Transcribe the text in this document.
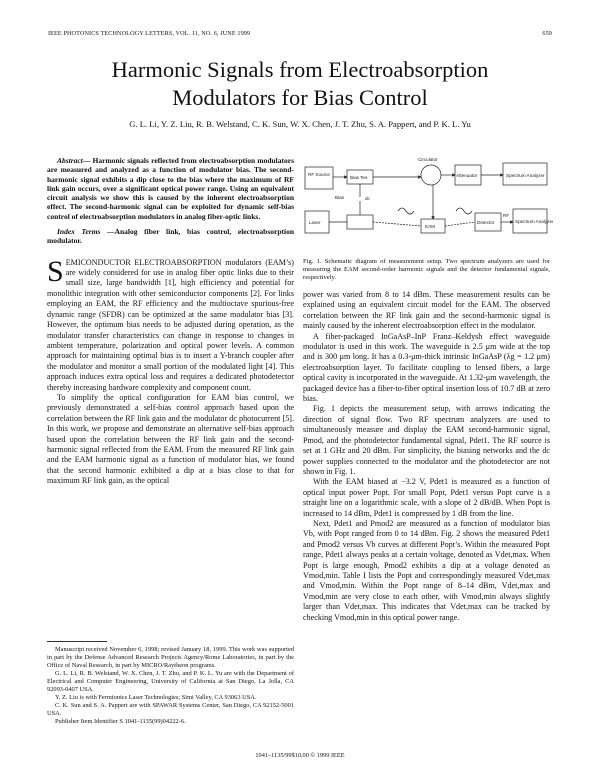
IEEE PHOTONICS TECHNOLOGY LETTERS, VOL. 11, NO. 6, JUNE 1999	659
Harmonic Signals from Electroabsorption
Modulators for Bias Control
G. L. Li, Y. Z. Liu, R. B. Welstand, C. K. Sun, W. X. Chen, J. T. Zhu, S. A. Pappert, and P. K. L. Yu

Abstract— Harmonic signals reflected from electroabsorption modulators are measured and analyzed as a function of modulator bias. The second-harmonic signal exhibits a dip close to the bias where the maximum of RF link gain occurs, over a significant optical power range. Using an equivalent circuit analysis we show this is caused by the inherent electroabsorption effect. The second-harmonic signal can be exploited for dynamic self-bias control of electroabsorption modulators in analog fiber-optic links.

Index Terms —Analog fiber link, bias control, electroabsorption modulator.

SEMICONDUCTOR ELECTROABSORPTION modulators (EAM’s) are widely considered for use in analog fiber optic links due to their small size, large bandwidth [1], high efficiency and potential for monolithic integration with other semiconductor components [2]. For links employing an EAM, the RF efficiency and the multioctave spurious-free dynamic range (SFDR) can be optimized at the same modulator bias [3]. However, the optimum bias needs to be adjusted during operation, as the modulator transfer characteristics can change in response to changes in ambient temperature, polarization and optical power levels. A common approach for maintaining optimal bias is to insert a Y-branch coupler after the modulator and monitor a small portion of the modulated light [4]. This approach induces extra optical loss and requires a dedicated photodetector thereby increasing hardware complexity and component count.

To simplify the optical configuration for EAM bias control, we previously demonstrated a self-bias control approach based upon the correlation between the RF link gain and the modulator dc photocurrent [5]. In this work, we propose and demonstrate an alternative self-bias approach based upon the correlation between the RF link gain and the second-harmonic signal reflected from the EAM. From the measured RF link gain and the EAM harmonic signal as a function of modulator bias, we found that the second harmonic exhibited a dip at a bias close to that for maximum RF link gain, as the optical

Manuscript received November 6, 1998; revised January 18, 1999. This work was supported in part by the Defense Advanced Research Projects Agency/Rome Laboratories, in part by the Office of Naval Research, in part by MICRO/Raytheon programs.

G. L. Li, R. B. Welstand, W. X. Chen, J. T. Zhu, and P. K. L. Yu are with the Department of Electrical and Computer Engineering, University of California at San Diego, La Jolla, CA 92093-0407 USA.

Y. Z. Liu is with Fermionics Laser Technologies; Simi Valley, CA 93063 USA.

C. K. Sun and S. A. Pappert are with SPAWAR Systems Center, San Diego, CA 92152-5001 USA.

Publisher Item Identifier S 1041-1135(99)04222-6.

RF Source
Bias Tee
Circulator
Attenuator	Spectrum Analyzer
Bias	dc
Laser
EAM
Detector
RF
Spectrum Analyzer
Fig. 1. Schematic diagram of measurement setup. Two spectrum analyzers are used for measuring the EAM second-order harmonic signals and the detector fundamental signals, respectively.

power was varied from 8 to 14 dBm. These measurement results can be explained using an equivalent circuit model for the EAM. The observed correlation between the RF link gain and the second-harmonic signal is mainly caused by the inherent electroabsorption effect in the modulator.

A fiber-packaged InGaAsP–InP Franz–Keldysh effect waveguide modulator is used in this work. The waveguide is 2.5 μm wide at the top and is 300 μm long. It has a 0.3-μm-thick intrinsic InGaAsP (λg = 1.2 μm) electroabsorption layer. To facilitate coupling to lensed fibers, a large optical cavity is incorporated in the waveguide. At 1.32-μm wavelength, the packaged device has a fiber-to-fiber optical insertion loss of 10.7 dB at zero bias.

Fig. 1 depicts the measurement setup, with arrows indicating the direction of signal flow. Two RF spectrum analyzers are used to simultaneously measure and display the EAM second-harmonic signal, Pmod, and the photodetector fundamental signal, Pdet1. The RF source is set at 1 GHz and 20 dBm. For simplicity, the biasing networks and the dc power supplies connected to the modulator and the photodetector are not shown in Fig. 1.

With the EAM biased at −3.2 V, Pdet1 is measured as a function of optical input power Popt. For small Popt, Pdet1 versus Popt curve is a straight line on a logarithmic scale, with a slope of 2 dB/dB. When Popt is increased to 14 dBm, Pdet1 is compressed by 1 dB from the line.

Next, Pdet1 and Pmod2 are measured as a function of modulator bias Vb, with Popt ranged from 0 to 14 dBm. Fig. 2 shows the measured Pdet1 and Pmod2 versus Vb curves at different Popt’s. Within the measured Popt range, Pdet1 always peaks at a certain voltage, denoted as Vdet,max. When Popt is large enough, Pmod2 exhibits a dip at a voltage denoted as Vmod,min. Table I lists the Popt and correspondingly measured Vdet,max and Vmod,min. Within the Popt range of 8–14 dBm, Vdet,max and Vmod,min are very close to each other, with Vmod,min always slightly larger than Vdet,max. This indicates that Vdet,max can be tracked by checking Vmod,min in this optical power range.

1041–1135/99$10.00 © 1999 IEEE
